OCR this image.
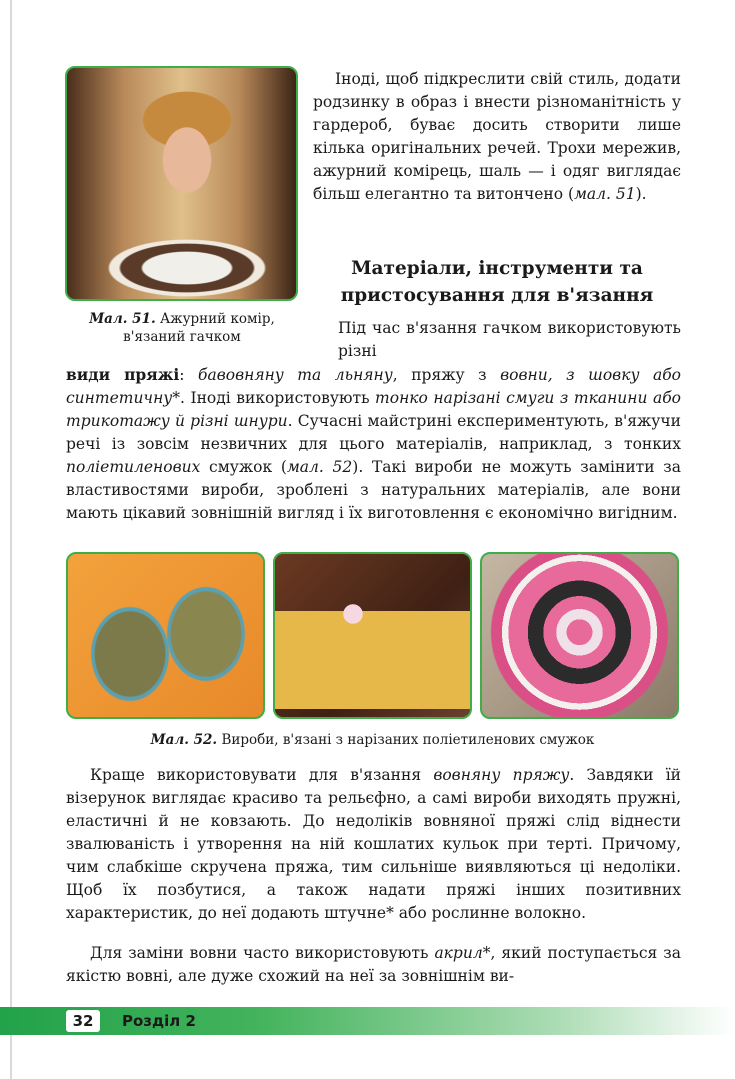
Мал. 51. Ажурний комір, в'язаний гачком

Іноді, щоб підкреслити свій стиль, додати родзинку в образ і внести різноманітність у гардероб, буває досить створити лише кілька оригінальних речей. Трохи мережив, ажурний комірець, шаль — і одяг виглядає більш елегантно та витончено (мал. 51).

Матеріали, інструменти та пристосування для в'язання

Під час в'язання гачком використовують різні
види пряжі: бавовняну та льняну, пряжу з вовни, з шовку або синтетичну*. Іноді використовують тонко нарізані смуги з тканини або трикотажу й різні шнури. Сучасні майстрині експериментують, в'яжучи речі із зовсім незвичних для цього матеріалів, наприклад, з тонких поліетиленових смужок (мал. 52). Такі вироби не можуть замінити за властивостями вироби, зроблені з натуральних матеріалів, але вони мають цікавий зовнішній вигляд і їх виготовлення є економічно вигідним.

Мал. 52. Вироби, в'язані з нарізаних поліетиленових смужок

Краще використовувати для в'язання вовняну пряжу. Завдяки їй візерунок виглядає красиво та рельєфно, а самі вироби виходять пружні, еластичні й не ковзають. До недоліків вовняної пряжі слід віднести звалюваність і утворення на ній кошлатих кульок при терті. Причому, чим слабкіше скручена пряжа, тим сильніше виявляються ці недоліки. Щоб їх позбутися, а також надати пряжі інших позитивних характеристик, до неї додають штучне* або рослинне волокно.

Для заміни вовни часто використовують акрил*, який поступається за якістю вовні, але дуже схожий на неї за зовнішнім ви-

32	Розділ 2
